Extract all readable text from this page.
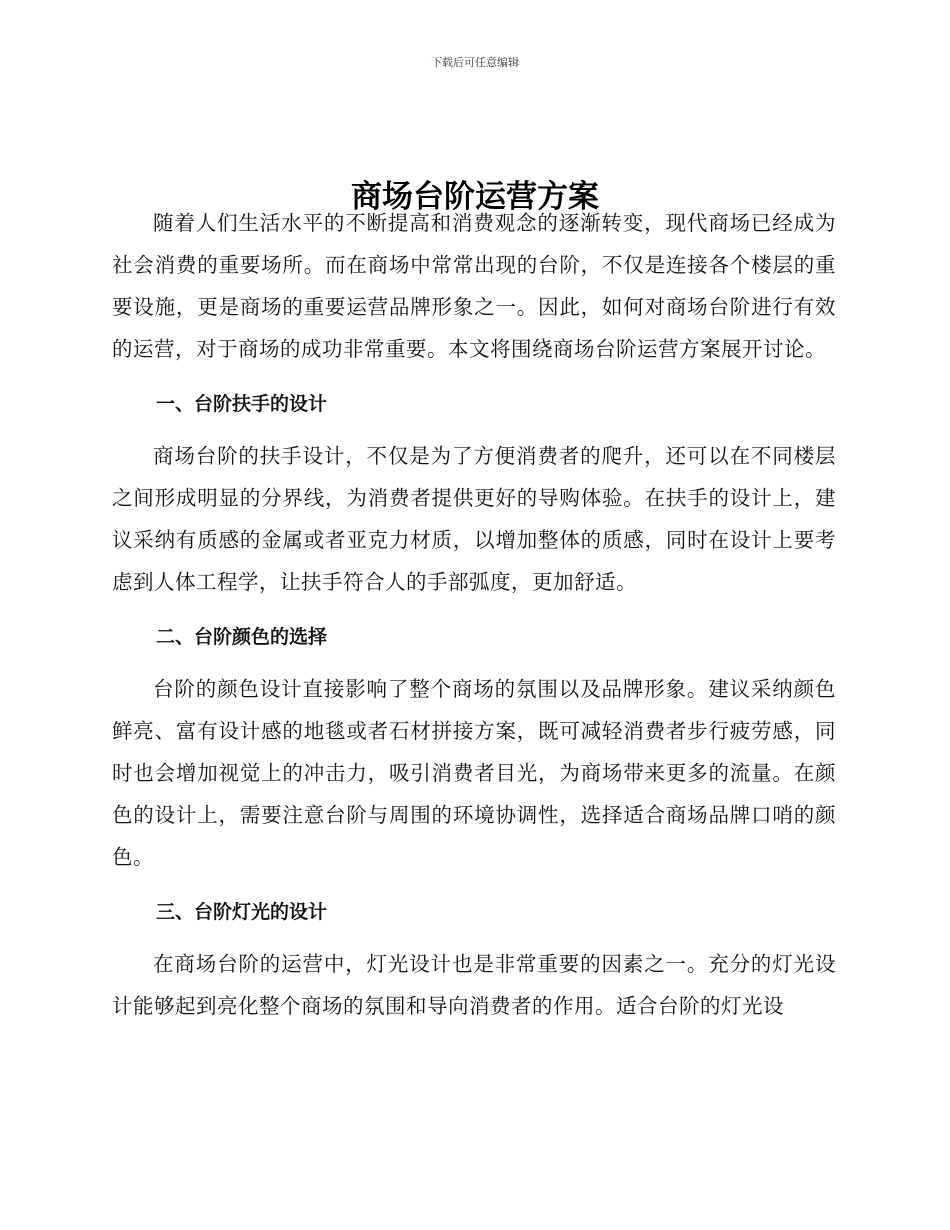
下载后可任意编辑
商场台阶运营方案

随着人们生活水平的不断提高和消费观念的逐渐转变，现代商场已经成为社会消费的重要场所。而在商场中常常出现的台阶，不仅是连接各个楼层的重要设施，更是商场的重要运营品牌形象之一。因此，如何对商场台阶进行有效的运营，对于商场的成功非常重要。本文将围绕商场台阶运营方案展开讨论。

一、台阶扶手的设计

商场台阶的扶手设计，不仅是为了方便消费者的爬升，还可以在不同楼层之间形成明显的分界线，为消费者提供更好的导购体验。在扶手的设计上，建议采纳有质感的金属或者亚克力材质，以增加整体的质感，同时在设计上要考虑到人体工程学，让扶手符合人的手部弧度，更加舒适。

二、台阶颜色的选择

台阶的颜色设计直接影响了整个商场的氛围以及品牌形象。建议采纳颜色鲜亮、富有设计感的地毯或者石材拼接方案，既可减轻消费者步行疲劳感，同时也会增加视觉上的冲击力，吸引消费者目光，为商场带来更多的流量。在颜色的设计上，需要注意台阶与周围的环境协调性，选择适合商场品牌口哨的颜色。

三、台阶灯光的设计

在商场台阶的运营中，灯光设计也是非常重要的因素之一。充分的灯光设计能够起到亮化整个商场的氛围和导向消费者的作用。适合台阶的灯光设
